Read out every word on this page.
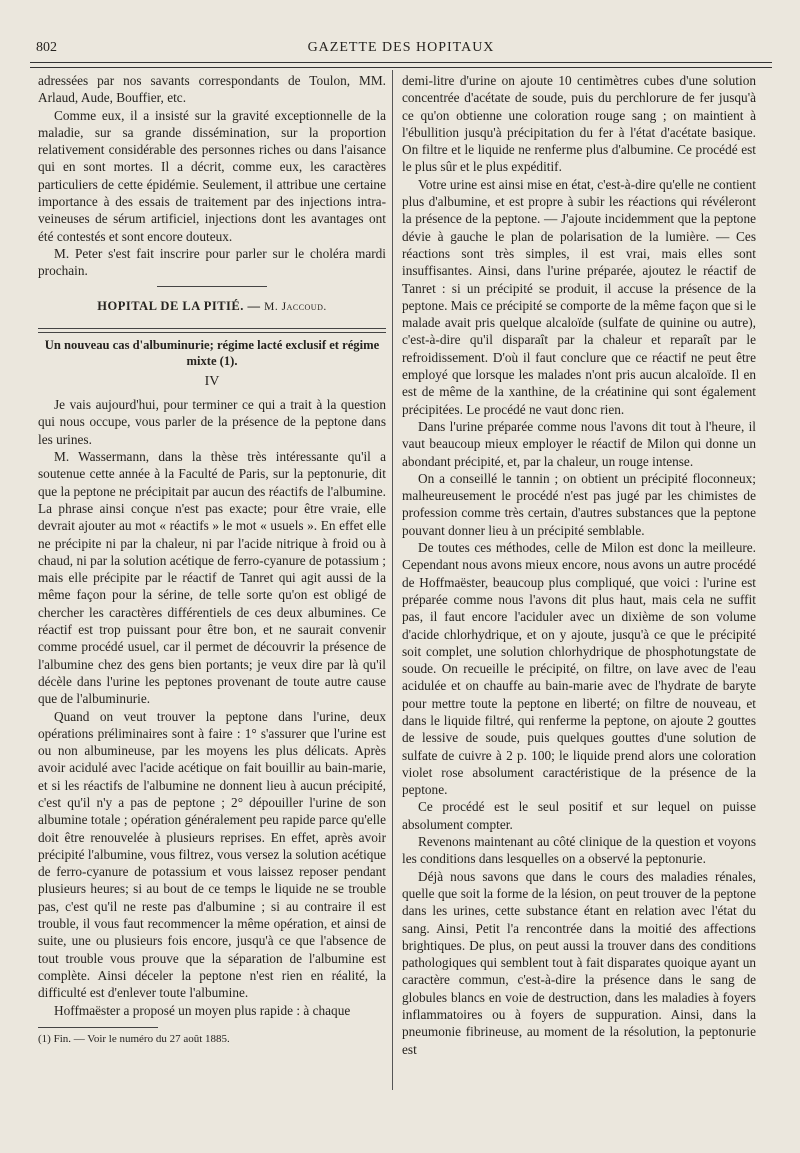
802	GAZETTE DES HOPITAUX

adressées par nos savants correspondants de Toulon, MM. Arlaud, Aude, Bouffier, etc.

Comme eux, il a insisté sur la gravité exceptionnelle de la maladie, sur sa grande dissémination, sur la proportion relativement considérable des personnes riches ou dans l'aisance qui en sont mortes. Il a décrit, comme eux, les caractères particuliers de cette épidémie. Seulement, il attribue une certaine importance à des essais de traitement par des injections intra-veineuses de sérum artificiel, injections dont les avantages ont été contestés et sont encore douteux.

M. Peter s'est fait inscrire pour parler sur le choléra mardi prochain.

HOPITAL DE LA PITIÉ. — M. Jaccoud.
Un nouveau cas d'albuminurie; régime lacté exclusif et régime mixte (1).
IV

Je vais aujourd'hui, pour terminer ce qui a trait à la question qui nous occupe, vous parler de la présence de la peptone dans les urines.

M. Wassermann, dans la thèse très intéressante qu'il a soutenue cette année à la Faculté de Paris, sur la peptonurie, dit que la peptone ne précipitait par aucun des réactifs de l'albumine. La phrase ainsi conçue n'est pas exacte; pour être vraie, elle devrait ajouter au mot « réactifs » le mot « usuels ». En effet elle ne précipite ni par la chaleur, ni par l'acide nitrique à froid ou à chaud, ni par la solution acétique de ferro-cyanure de potassium ; mais elle précipite par le réactif de Tanret qui agit aussi de la même façon pour la sérine, de telle sorte qu'on est obligé de chercher les caractères différentiels de ces deux albumines. Ce réactif est trop puissant pour être bon, et ne saurait convenir comme procédé usuel, car il permet de découvrir la présence de l'albumine chez des gens bien portants; je veux dire par là qu'il décèle dans l'urine les peptones provenant de toute autre cause que de l'albuminurie.

Quand on veut trouver la peptone dans l'urine, deux opérations préliminaires sont à faire : 1° s'assurer que l'urine est ou non albumineuse, par les moyens les plus délicats. Après avoir acidulé avec l'acide acétique on fait bouillir au bain-marie, et si les réactifs de l'albumine ne donnent lieu à aucun précipité, c'est qu'il n'y a pas de peptone ; 2° dépouiller l'urine de son albumine totale ; opération généralement peu rapide parce qu'elle doit être renouvelée à plusieurs reprises. En effet, après avoir précipité l'albumine, vous filtrez, vous versez la solution acétique de ferro-cyanure de potassium et vous laissez reposer pendant plusieurs heures; si au bout de ce temps le liquide ne se trouble pas, c'est qu'il ne reste pas d'albumine ; si au contraire il est trouble, il vous faut recommencer la même opération, et ainsi de suite, une ou plusieurs fois encore, jusqu'à ce que l'absence de tout trouble vous prouve que la séparation de l'albumine est complète. Ainsi déceler la peptone n'est rien en réalité, la difficulté est d'enlever toute l'albumine.

Hoffmaëster a proposé un moyen plus rapide : à chaque

(1) Fin. — Voir le numéro du 27 août 1885.

demi-litre d'urine on ajoute 10 centimètres cubes d'une solution concentrée d'acétate de soude, puis du perchlorure de fer jusqu'à ce qu'on obtienne une coloration rouge sang ; on maintient à l'ébullition jusqu'à précipitation du fer à l'état d'acétate basique. On filtre et le liquide ne renferme plus d'albumine. Ce procédé est le plus sûr et le plus expéditif.

Votre urine est ainsi mise en état, c'est-à-dire qu'elle ne contient plus d'albumine, et est propre à subir les réactions qui révéleront la présence de la peptone. — J'ajoute incidemment que la peptone dévie à gauche le plan de polarisation de la lumière. — Ces réactions sont très simples, il est vrai, mais elles sont insuffisantes. Ainsi, dans l'urine préparée, ajoutez le réactif de Tanret : si un précipité se produit, il accuse la présence de la peptone. Mais ce précipité se comporte de la même façon que si le malade avait pris quelque alcaloïde (sulfate de quinine ou autre), c'est-à-dire qu'il disparaît par la chaleur et reparaît par le refroidissement. D'où il faut conclure que ce réactif ne peut être employé que lorsque les malades n'ont pris aucun alcaloïde. Il en est de même de la xanthine, de la créatinine qui sont également précipitées. Le procédé ne vaut donc rien.

Dans l'urine préparée comme nous l'avons dit tout à l'heure, il vaut beaucoup mieux employer le réactif de Milon qui donne un abondant précipité, et, par la chaleur, un rouge intense.

On a conseillé le tannin ; on obtient un précipité floconneux; malheureusement le procédé n'est pas jugé par les chimistes de profession comme très certain, d'autres substances que la peptone pouvant donner lieu à un précipité semblable.

De toutes ces méthodes, celle de Milon est donc la meilleure. Cependant nous avons mieux encore, nous avons un autre procédé de Hoffmaëster, beaucoup plus compliqué, que voici : l'urine est préparée comme nous l'avons dit plus haut, mais cela ne suffit pas, il faut encore l'aciduler avec un dixième de son volume d'acide chlorhydrique, et on y ajoute, jusqu'à ce que le précipité soit complet, une solution chlorhydrique de phosphotungstate de soude. On recueille le précipité, on filtre, on lave avec de l'eau acidulée et on chauffe au bain-marie avec de l'hydrate de baryte pour mettre toute la peptone en liberté; on filtre de nouveau, et dans le liquide filtré, qui renferme la peptone, on ajoute 2 gouttes de lessive de soude, puis quelques gouttes d'une solution de sulfate de cuivre à 2 p. 100; le liquide prend alors une coloration violet rose absolument caractéristique de la présence de la peptone.

Ce procédé est le seul positif et sur lequel on puisse absolument compter.

Revenons maintenant au côté clinique de la question et voyons les conditions dans lesquelles on a observé la peptonurie.

Déjà nous savons que dans le cours des maladies rénales, quelle que soit la forme de la lésion, on peut trouver de la peptone dans les urines, cette substance étant en relation avec l'état du sang. Ainsi, Petit l'a rencontrée dans la moitié des affections brightiques. De plus, on peut aussi la trouver dans des conditions pathologiques qui semblent tout à fait disparates quoique ayant un caractère commun, c'est-à-dire la présence dans le sang de globules blancs en voie de destruction, dans les maladies à foyers inflammatoires ou à foyers de suppuration. Ainsi, dans la pneumonie fibrineuse, au moment de la résolution, la peptonurie est
